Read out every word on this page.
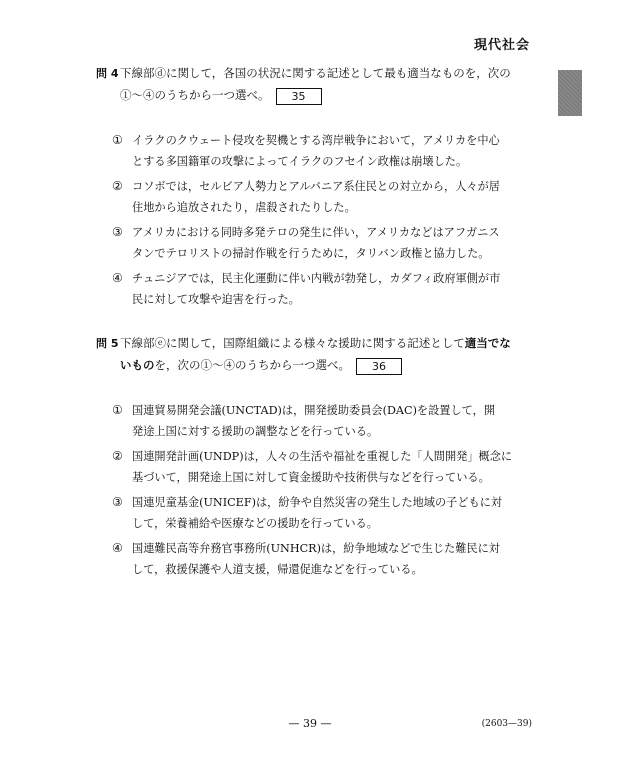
現代社会
問 4 下線部ⓓに関して，各国の状況に関する記述として最も適当なものを，次の
①〜④のうちから一つ選べ。 35
① イラクのクウェート侵攻を契機とする湾岸戦争において，アメリカを中心
とする多国籍軍の攻撃によってイラクのフセイン政権は崩壊した。
② コソボでは，セルビア人勢力とアルバニア系住民との対立から，人々が居
住地から追放されたり，虐殺されたりした。
③ アメリカにおける同時多発テロの発生に伴い，アメリカなどはアフガニス
タンでテロリストの掃討作戦を行うために，タリバン政権と協力した。
④ チュニジアでは，民主化運動に伴い内戦が勃発し，カダフィ政府軍側が市
民に対して攻撃や迫害を行った。
問 5 下線部ⓔに関して，国際組織による様々な援助に関する記述として適当でな
いものを，次の①〜④のうちから一つ選べ。 36
① 国連貿易開発会議(UNCTAD)は，開発援助委員会(DAC)を設置して，開
発途上国に対する援助の調整などを行っている。
② 国連開発計画(UNDP)は，人々の生活や福祉を重視した「人間開発」概念に
基づいて，開発途上国に対して資金援助や技術供与などを行っている。
③ 国連児童基金(UNICEF)は，紛争や自然災害の発生した地域の子どもに対
して，栄養補給や医療などの援助を行っている。
④ 国連難民高等弁務官事務所(UNHCR)は，紛争地域などで生じた難民に対
して，救援保護や人道支援，帰還促進などを行っている。
— 39 —	(2603—39)
